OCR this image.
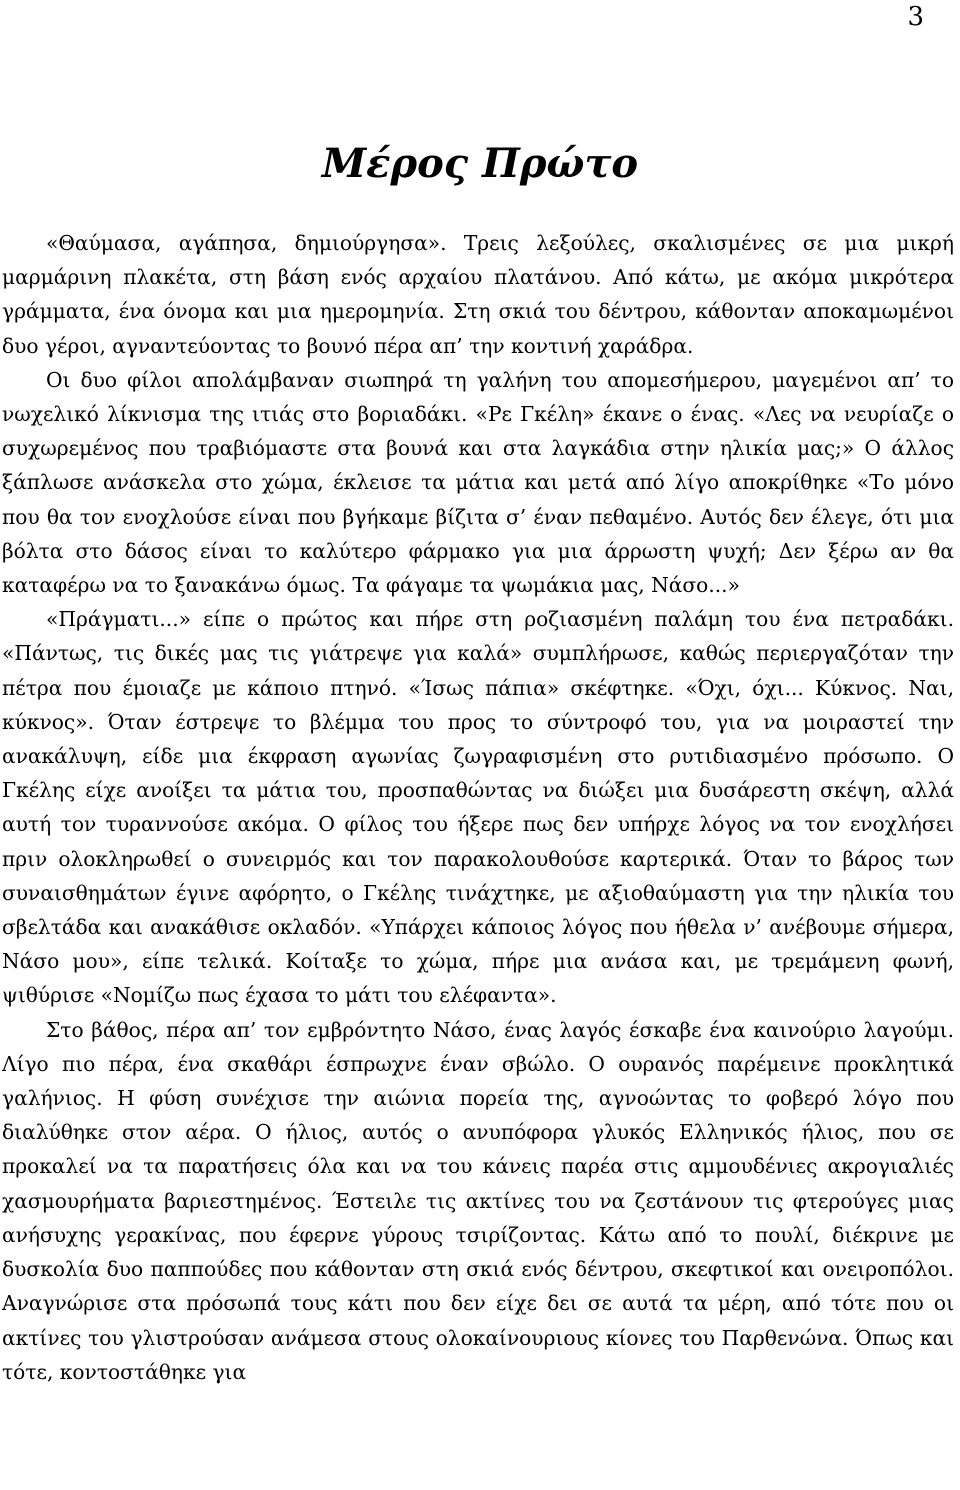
3
Μέρος Πρώτο

«Θαύμασα, αγάπησα, δημιούργησα». Τρεις λεξούλες, σκαλισμένες σε μια μικρή μαρμάρινη πλακέτα, στη βάση ενός αρχαίου πλατάνου. Από κάτω, με ακόμα μικρότερα γράμματα, ένα όνομα και μια ημερομηνία. Στη σκιά του δέντρου, κάθονταν αποκαμωμένοι δυο γέροι, αγναντεύοντας το βουνό πέρα απ’ την κοντινή χαράδρα.

Οι δυο φίλοι απολάμβαναν σιωπηρά τη γαλήνη του απομεσήμερου, μαγεμένοι απ’ το νωχελικό λίκνισμα της ιτιάς στο βοριαδάκι. «Ρε Γκέλη» έκανε ο ένας. «Λες να νευρίαζε ο συχωρεμένος που τραβιόμαστε στα βουνά και στα λαγκάδια στην ηλικία μας;» Ο άλλος ξάπλωσε ανάσκελα στο χώμα, έκλεισε τα μάτια και μετά από λίγο αποκρίθηκε «Το μόνο που θα τον ενοχλούσε είναι που βγήκαμε βίζιτα σ’ έναν πεθαμένο. Αυτός δεν έλεγε, ότι μια βόλτα στο δάσος είναι το καλύτερο φάρμακο για μια άρρωστη ψυχή; Δεν ξέρω αν θα καταφέρω να το ξανακάνω όμως. Τα φάγαμε τα ψωμάκια μας, Νάσο...»

«Πράγματι...» είπε ο πρώτος και πήρε στη ροζιασμένη παλάμη του ένα πετραδάκι. «Πάντως, τις δικές μας τις γιάτρεψε για καλά» συμπλήρωσε, καθώς περιεργαζόταν την πέτρα που έμοιαζε με κάποιο πτηνό. «Ίσως πάπια» σκέφτηκε. «Όχι, όχι... Κύκνος. Ναι, κύκνος». Όταν έστρεψε το βλέμμα του προς το σύντροφό του, για να μοιραστεί την ανακάλυψη, είδε μια έκφραση αγωνίας ζωγραφισμένη στο ρυτιδιασμένο πρόσωπο. Ο Γκέλης είχε ανοίξει τα μάτια του, προσπαθώντας να διώξει μια δυσάρεστη σκέψη, αλλά αυτή τον τυραννούσε ακόμα. Ο φίλος του ήξερε πως δεν υπήρχε λόγος να τον ενοχλήσει πριν ολοκληρωθεί ο συνειρμός και τον παρακολουθούσε καρτερικά. Όταν το βάρος των συναισθημάτων έγινε αφόρητο, ο Γκέλης τινάχτηκε, με αξιοθαύμαστη για την ηλικία του σβελτάδα και ανακάθισε οκλαδόν. «Υπάρχει κάποιος λόγος που ήθελα ν’ ανέβουμε σήμερα, Νάσο μου», είπε τελικά. Κοίταξε το χώμα, πήρε μια ανάσα και, με τρεμάμενη φωνή, ψιθύρισε «Νομίζω πως έχασα το μάτι του ελέφαντα».

Στο βάθος, πέρα απ’ τον εμβρόντητο Νάσο, ένας λαγός έσκαβε ένα καινούριο λαγούμι. Λίγο πιο πέρα, ένα σκαθάρι έσπρωχνε έναν σβώλο. Ο ουρανός παρέμεινε προκλητικά γαλήνιος. Η φύση συνέχισε την αιώνια πορεία της, αγνοώντας το φοβερό λόγο που διαλύθηκε στον αέρα. Ο ήλιος, αυτός ο ανυπόφορα γλυκός Ελληνικός ήλιος, που σε προκαλεί να τα παρατήσεις όλα και να του κάνεις παρέα στις αμμουδένιες ακρογιαλιές χασμουρήματα βαριεστημένος. Έστειλε τις ακτίνες του να ζεστάνουν τις φτερούγες μιας ανήσυχης γερακίνας, που έφερνε γύρους τσιρίζοντας. Κάτω από το πουλί, διέκρινε με δυσκολία δυο παππούδες που κάθονταν στη σκιά ενός δέντρου, σκεφτικοί και ονειροπόλοι. Αναγνώρισε στα πρόσωπά τους κάτι που δεν είχε δει σε αυτά τα μέρη, από τότε που οι ακτίνες του γλιστρούσαν ανάμεσα στους ολοκαίνουριους κίονες του Παρθενώνα. Όπως και τότε, κοντοστάθηκε για
